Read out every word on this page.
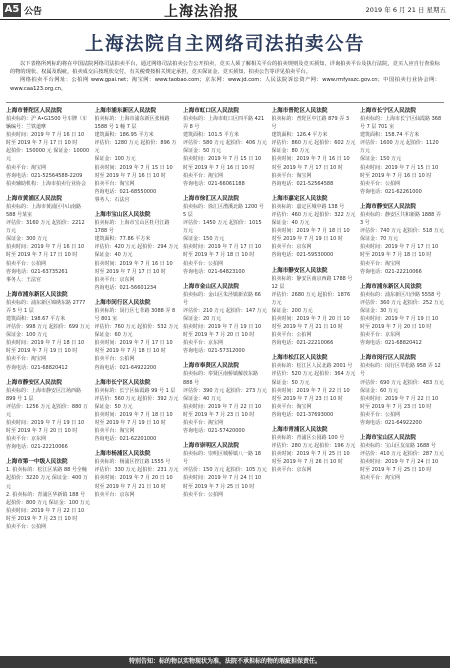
A5 公告	上海法治报	2019 年 6 月 21 日 星期五
上海法院自主网络司法拍卖公告

以下表格所列标的将在中国法院网络司法拍卖平台，通过网络司法拍卖公告公开拍卖，竞买人须了解相关平台的拍卖规则及竞买须知，详询拍卖平台及执行法院，竞买人应自行查验标的物的现状、权属及瑕疵，拍卖成交后按现状交付，有关税费按相关规定承担，竞买保证金、竞买须知、拍卖公告等详见拍卖平台。

网络拍卖平台网址：公拍网 www.gpai.net；淘宝网：www.taobao.com；京东网：www.jd.com；人民法院诉讼资产网：www.rmfysszc.gov.cn；中国拍卖行业协会网：www.caa123.org.cn。

上海市普陀区人民法院
拍卖标的：沪 A•G1500 号车牌（车辆编号：兰铁道摩
拍卖时间：2019 年 7 月 16 日 10 时至 2019 年 7 月 17 日 10 时
起拍价：150000 元 保证金：10000 元
拍卖平台：淘宝网
咨询电话：021-52564588-2209
拍卖辅助机构：上海市拍卖行业协会
上海市黄浦区人民法院
拍卖标的：上海市黄浦区中山南路 588 号某室
评估价：3160 万元 起拍价：2212 万元
保证金：300 万元
拍卖时间：2019 年 7 月 16 日 10 时至 2019 年 7 月 17 日 10 时
拍卖平台：公拍网
咨询电话：021-63735261
事务人：王法官
上海市浦东新区人民法院
拍卖标的：浦东新区锦绣东路 2777 弄 5 号 1 层
建筑面积：198.67 平方米
评估价：998 万元 起拍价：699 万元
保证金：100 万元
拍卖时间：2019 年 7 月 18 日 10 时至 2019 年 7 月 19 日 10 时
拍卖平台：淘宝网
咨询电话：021-68820412
上海市静安区人民法院
拍卖标的：上海市静安区江场西路 899 号 1 层
评估价：1256 万元 起拍价：880 万元
拍卖时间：2019 年 7 月 19 日 10 时至 2019 年 7 月 20 日 10 时
拍卖平台：京东网
咨询电话：021-22210066
上海市第一中级人民法院
1. 拍卖标的：松江区某路 88 号全幢
起拍价：3220 万元 保证金：400 万元
2. 拍卖标的：青浦区华新镇 188 号
起拍价：800 万元 保证金：100 万元
拍卖时间：2019 年 7 月 22 日 10 时至 2019 年 7 月 23 日 10 时
拍卖平台：公拍网
上海市浦东新区人民法院
拍卖标的：上海市浦东新区张杨路 1588 号 1 幢 7 层
建筑面积：186.95 平方米
评估价：1280 万元 起拍价：896 万元
保证金：100 万元
拍卖时间：2019 年 7 月 15 日 10 时至 2019 年 7 月 16 日 10 时
拍卖平台：淘宝网
咨询电话：021-68550000
事务人：石法官
上海市宝山区人民法院
拍卖标的：上海市宝山区牡丹江路 1788 号
建筑面积：77.86 平方米
评估价：420 万元 起拍价：294 万元
保证金：40 万元
拍卖时间：2019 年 7 月 16 日 10 时至 2019 年 7 月 17 日 10 时
拍卖平台：京东网
咨询电话：021-56601234
上海市闵行区人民法院
拍卖标的：闵行区七莘路 3088 弄 8 号 801 室
评估价：760 万元 起拍价：532 万元
保证金：60 万元
拍卖时间：2019 年 7 月 17 日 10 时至 2019 年 7 月 18 日 10 时
拍卖平台：公拍网
咨询电话：021-64922200
上海市长宁区人民法院
拍卖标的：长宁区仙霞路 99 号 1 层
评估价：560 万元 起拍价：392 万元
保证金：50 万元
拍卖时间：2019 年 7 月 18 日 10 时至 2019 年 7 月 19 日 10 时
拍卖平台：淘宝网
咨询电话：021-62201000
上海市杨浦区人民法院
拍卖标的：杨浦区控江路 1555 号
评估价：330 万元 起拍价：231 万元
拍卖时间：2019 年 7 月 20 日 10 时至 2019 年 7 月 21 日 10 时
拍卖平台：京东网
上海市虹口区人民法院
拍卖标的：上海市虹口区四平路 421 弄 8 号
建筑面积：101.5 平方米
评估价：580 万元 起拍价：406 万元
保证金：50 万元
拍卖时间：2019 年 7 月 15 日 10 时至 2019 年 7 月 16 日 10 时
拍卖平台：淘宝网
咨询电话：021-66061188
上海市徐汇区人民法院
拍卖标的：徐汇区漕溪北路 1200 号 5 层
评估价：1450 万元 起拍价：1015 万元
保证金：150 万元
拍卖时间：2019 年 7 月 17 日 10 时至 2019 年 7 月 18 日 10 时
拍卖平台：公拍网
咨询电话：021-64823100
上海市金山区人民法院
拍卖标的：金山区朱泾镇新农路 66 号
评估价：210 万元 起拍价：147 万元
保证金：20 万元
拍卖时间：2019 年 7 月 19 日 10 时至 2019 年 7 月 20 日 10 时
拍卖平台：京东网
咨询电话：021-57312000
上海市奉贤区人民法院
拍卖标的：奉贤区南桥镇解放东路 888 号
评估价：390 万元 起拍价：273 万元
保证金：40 万元
拍卖时间：2019 年 7 月 22 日 10 时至 2019 年 7 月 23 日 10 时
拍卖平台：淘宝网
咨询电话：021-57420000
上海市崇明区人民法院
拍卖标的：崇明区城桥镇八一路 18 号
评估价：150 万元 起拍价：105 万元
拍卖时间：2019 年 7 月 24 日 10 时至 2019 年 7 月 25 日 10 时
拍卖平台：公拍网
上海市普陀区人民法院
拍卖标的：普陀区中江路 879 弄 3 号
建筑面积：126.4 平方米
评估价：860 万元 起拍价：602 万元
保证金：80 万元
拍卖时间：2019 年 7 月 16 日 10 时至 2019 年 7 月 17 日 10 时
拍卖平台：淘宝网
咨询电话：021-52564588
上海市嘉定区人民法院
拍卖标的：嘉定区城中路 138 号
评估价：460 万元 起拍价：322 万元
保证金：40 万元
拍卖时间：2019 年 7 月 18 日 10 时至 2019 年 7 月 19 日 10 时
拍卖平台：京东网
咨询电话：021-59530000
上海市静安区人民法院
拍卖标的：静安区南京西路 1788 号 12 层
评估价：2680 万元 起拍价：1876 万元
保证金：200 万元
拍卖时间：2019 年 7 月 20 日 10 时至 2019 年 7 月 21 日 10 时
拍卖平台：公拍网
咨询电话：021-22210066
上海市松江区人民法院
拍卖标的：松江区人民北路 2001 号
评估价：520 万元 起拍价：364 万元
保证金：50 万元
拍卖时间：2019 年 7 月 22 日 10 时至 2019 年 7 月 23 日 10 时
拍卖平台：淘宝网
咨询电话：021-37693000
上海市青浦区人民法院
拍卖标的：青浦区公园路 100 号
评估价：280 万元 起拍价：196 万元
拍卖时间：2019 年 7 月 25 日 10 时至 2019 年 7 月 26 日 10 时
拍卖平台：京东网
上海市长宁区人民法院
拍卖标的：上海市长宁区仙霞路 368 号 7 层 701 室
建筑面积：158.74 平方米
评估价：1600 万元 起拍价：1120 万元
保证金：150 万元
拍卖时间：2019 年 7 月 15 日 10 时至 2019 年 7 月 16 日 10 时
拍卖平台：公拍网
咨询电话：021-62261000
上海市静安区人民法院
拍卖标的：静安区共和新路 1888 弄 3 号
评估价：740 万元 起拍价：518 万元
保证金：70 万元
拍卖时间：2019 年 7 月 17 日 10 时至 2019 年 7 月 18 日 10 时
拍卖平台：淘宝网
咨询电话：021-22210066
上海市浦东新区人民法院
拍卖标的：浦东新区川沙路 5558 号
评估价：360 万元 起拍价：252 万元
保证金：30 万元
拍卖时间：2019 年 7 月 19 日 10 时至 2019 年 7 月 20 日 10 时
拍卖平台：京东网
咨询电话：021-68820412
上海市闵行区人民法院
拍卖标的：闵行区莘松路 958 弄 12 号
评估价：690 万元 起拍价：483 万元
保证金：60 万元
拍卖时间：2019 年 7 月 22 日 10 时至 2019 年 7 月 23 日 10 时
拍卖平台：公拍网
咨询电话：021-64922200
上海市宝山区人民法院
拍卖标的：宝山区友谊路 1688 号
评估价：410 万元 起拍价：287 万元
拍卖时间：2019 年 7 月 24 日 10 时至 2019 年 7 月 25 日 10 时
拍卖平台：淘宝网
特别告知：标的物以实物现状为准，法院不承担标的物的瑕疵担保责任。
